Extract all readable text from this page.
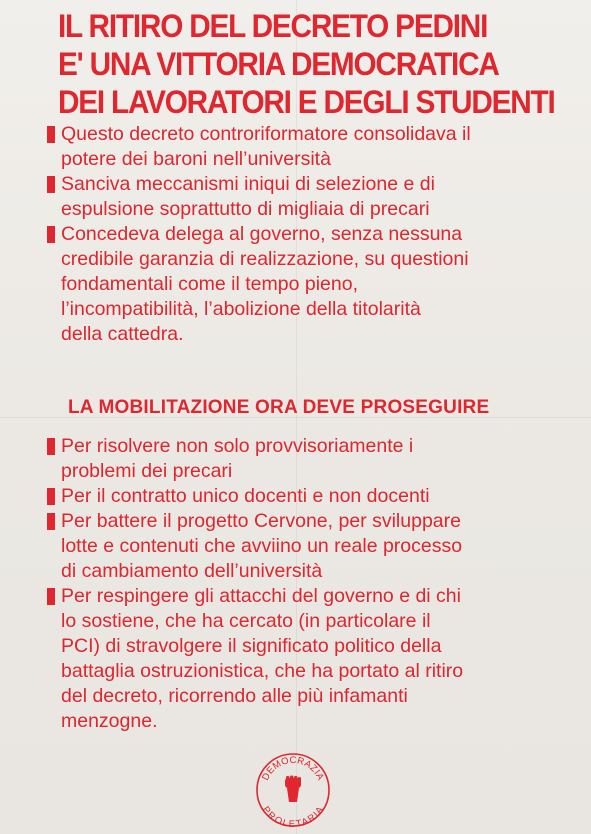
IL RITIRO DEL DECRETO PEDINI
E' UNA VITTORIA DEMOCRATICA
DEI LAVORATORI E DEGLI STUDENTI
Questo decreto controriformatore consolidava il
potere dei baroni nell’università
Sanciva meccanismi iniqui di selezione e di
espulsione soprattutto di migliaia di precari
Concedeva delega al governo, senza nessuna
credibile garanzia di realizzazione, su questioni
fondamentali come il tempo pieno,
l’incompatibilità, l’abolizione della titolarità
della cattedra.
LA MOBILITAZIONE ORA DEVE PROSEGUIRE
Per risolvere non solo provvisoriamente i
problemi dei precari
Per il contratto unico docenti e non docenti
Per battere il progetto Cervone, per sviluppare
lotte e contenuti che avviino un reale processo
di cambiamento dell’università
Per respingere gli attacchi del governo e di chi
lo sostiene, che ha cercato (in particolare il
PCI) di stravolgere il significato politico della
battaglia ostruzionistica, che ha portato al ritiro
del decreto, ricorrendo alle più infamanti
menzogne.
DEMOCRAZIA
PROLETARIA
